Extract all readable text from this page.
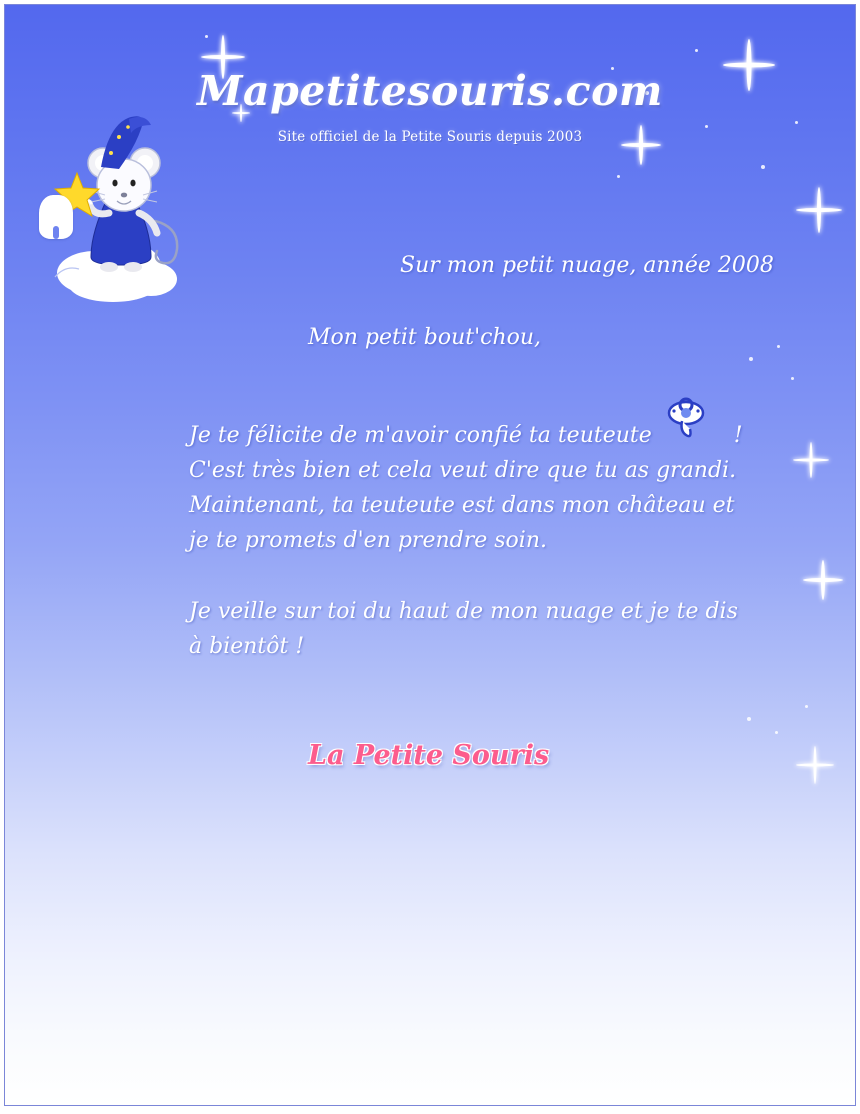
Mapetitesouris.com
Site officiel de la Petite Souris depuis 2003
Sur mon petit nuage, année 2008
Mon petit bout'chou,
Je te félicite de m'avoir confié ta teuteute	!
C'est très bien et cela veut dire que tu as grandi.
Maintenant, ta teuteute est dans mon château et
je te promets d'en prendre soin.
Je veille sur toi du haut de mon nuage et je te dis
à bientôt !
La Petite Souris
